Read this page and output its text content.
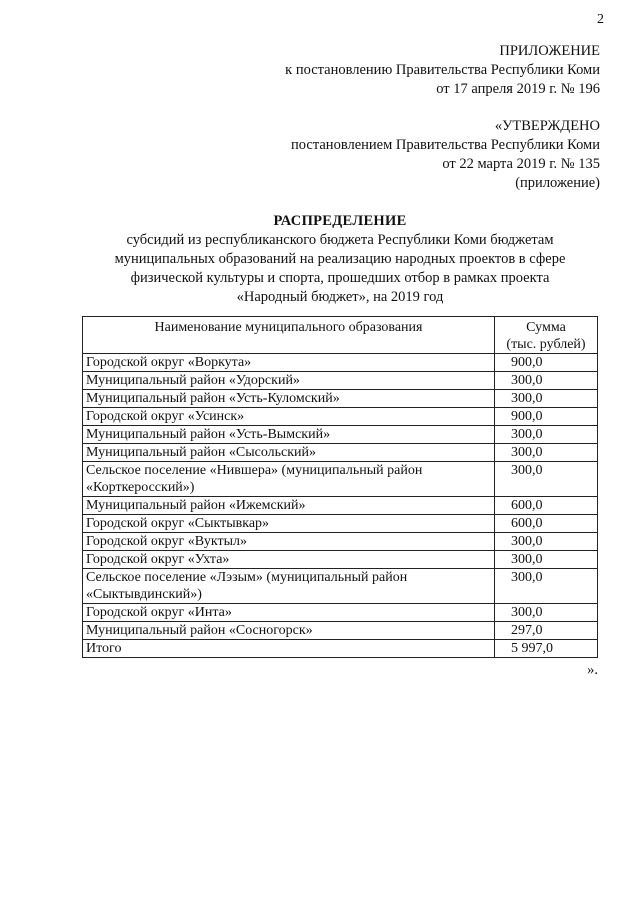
2
ПРИЛОЖЕНИЕ
к постановлению Правительства Республики Коми
от 17 апреля 2019 г. № 196
«УТВЕРЖДЕНО
постановлением Правительства Республики Коми
от 22 марта 2019 г. № 135
(приложение)
РАСПРЕДЕЛЕНИЕ
субсидий из республиканского бюджета Республики Коми бюджетам
муниципальных образований на реализацию народных проектов в сфере
физической культуры и спорта, прошедших отбор в рамках проекта
«Народный бюджет», на 2019 год
Наименование муниципального образования	Сумма
(тыс. рублей)

Городской округ «Воркута»	900,0
Муниципальный район «Удорский»	300,0
Муниципальный район «Усть-Куломский»	300,0
Городской округ «Усинск»	900,0
Муниципальный район «Усть-Вымский»	300,0
Муниципальный район «Сысольский»	300,0
Сельское поселение «Нившера» (муниципальный район «Корткеросский»)	300,0
Муниципальный район «Ижемский»	600,0
Городской округ «Сыктывкар»	600,0
Городской округ «Вуктыл»	300,0
Городской округ «Ухта»	300,0
Сельское поселение «Лэзым» (муниципальный район «Сыктывдинский»)	300,0
Городской округ «Инта»	300,0
Муниципальный район «Сосногорск»	297,0
Итого	5 997,0
».
